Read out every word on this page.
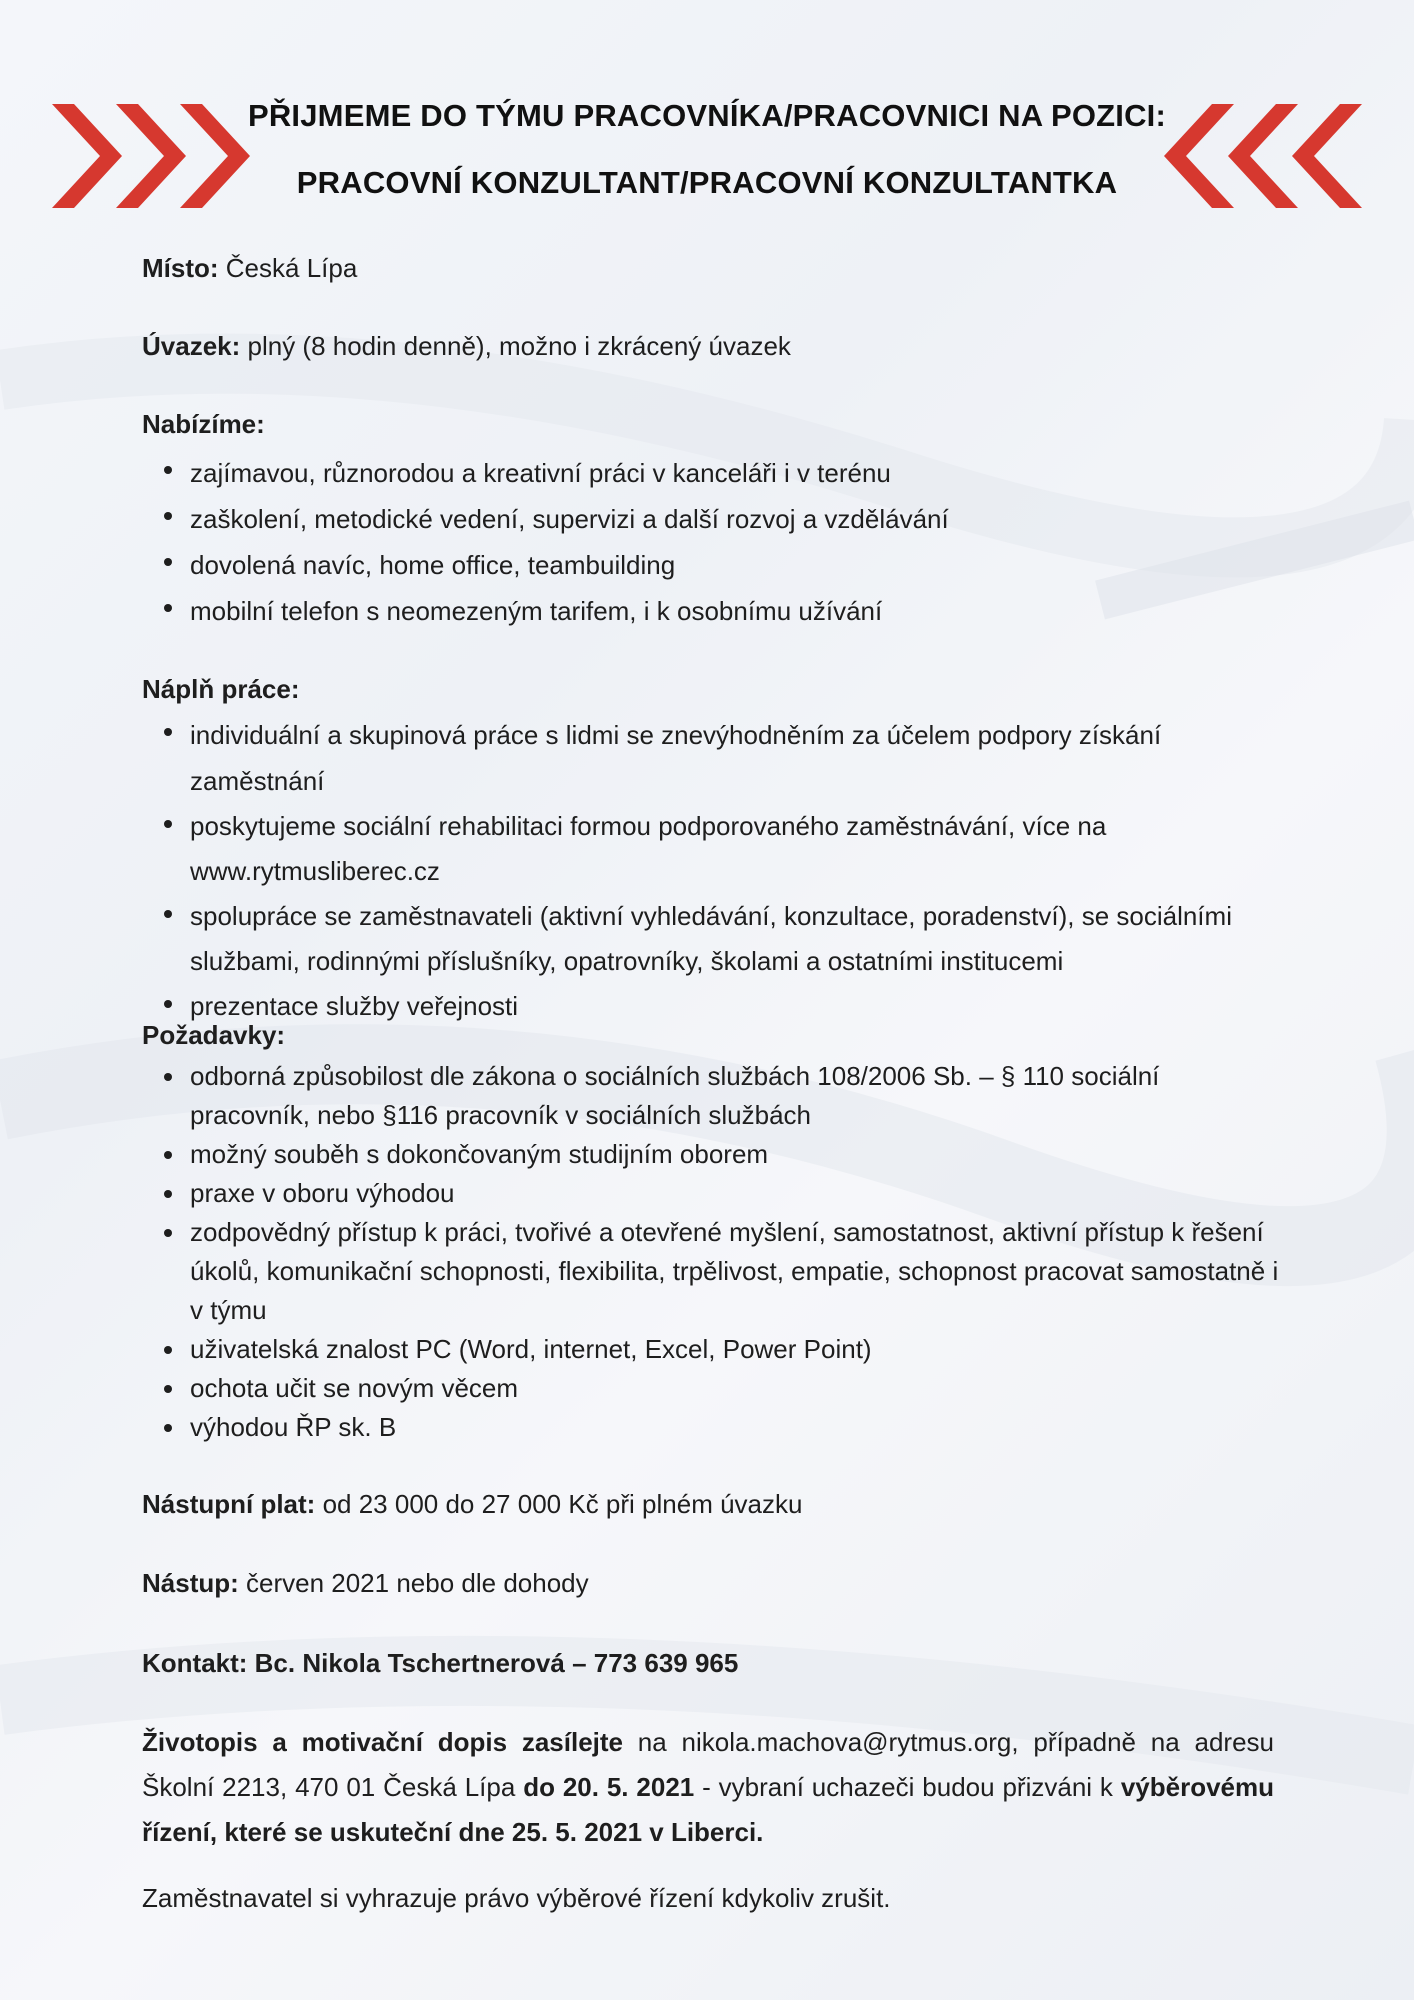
PŘIJMEME DO TÝMU PRACOVNÍKA/PRACOVNICI NA POZICI:
PRACOVNÍ KONZULTANT/PRACOVNÍ KONZULTANTKA
Místo: Česká Lípa
Úvazek: plný (8 hodin denně), možno i zkrácený úvazek
Nabízíme:
zajímavou, různorodou a kreativní práci v kanceláři i v terénu
zaškolení, metodické vedení, supervizi a další rozvoj a vzdělávání
dovolená navíc, home office, teambuilding
mobilní telefon s neomezeným tarifem, i k osobnímu užívání
Náplň práce:
individuální a skupinová práce s lidmi se znevýhodněním za účelem podpory získání zaměstnání
poskytujeme sociální rehabilitaci formou podporovaného zaměstnávání, více na www.rytmusliberec.cz
spolupráce se zaměstnavateli (aktivní vyhledávání, konzultace, poradenství), se sociálními službami, rodinnými příslušníky, opatrovníky, školami a ostatními institucemi
prezentace služby veřejnosti
Požadavky:
odborná způsobilost dle zákona o sociálních službách 108/2006 Sb. – § 110 sociální pracovník, nebo §116 pracovník v sociálních službách
možný souběh s dokončovaným studijním oborem
praxe v oboru výhodou
zodpovědný přístup k práci, tvořivé a otevřené myšlení, samostatnost, aktivní přístup k řešení úkolů, komunikační schopnosti, flexibilita, trpělivost, empatie, schopnost pracovat samostatně i v týmu
uživatelská znalost PC (Word, internet, Excel, Power Point)
ochota učit se novým věcem
výhodou ŘP sk. B
Nástupní plat: od 23 000 do 27 000 Kč při plném úvazku
Nástup: červen 2021 nebo dle dohody
Kontakt: Bc. Nikola Tschertnerová – 773 639 965
Životopis a motivační dopis zasílejte na nikola.machova@rytmus.org, případně na adresu Školní 2213, 470 01 Česká Lípa do 20. 5. 2021 - vybraní uchazeči budou přizváni k výběrovému řízení, které se uskuteční dne 25. 5. 2021 v Liberci.
Zaměstnavatel si vyhrazuje právo výběrové řízení kdykoliv zrušit.
